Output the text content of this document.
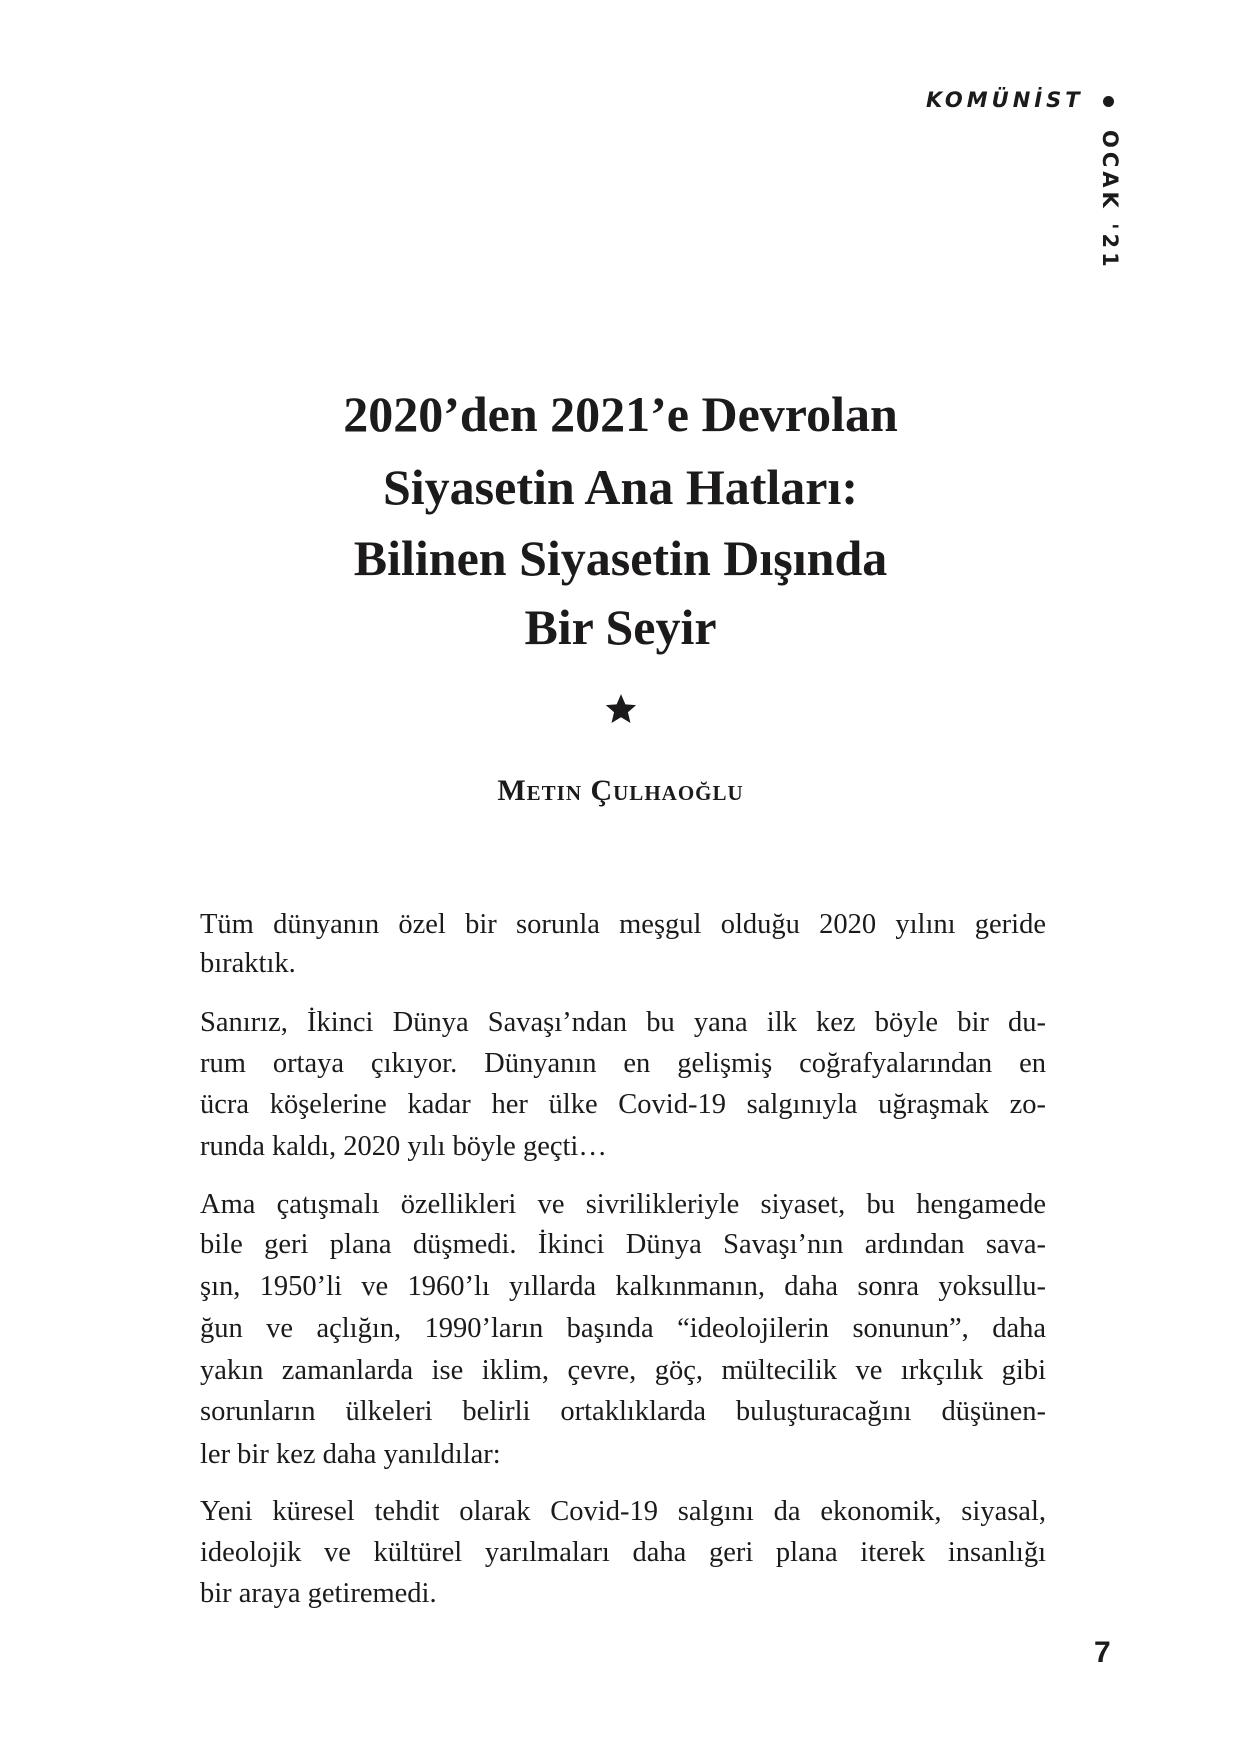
KOMÜNİST
OCAK '21
2020’den 2021’e Devrolan
Siyasetin Ana Hatları:
Bilinen Siyasetin Dışında
Bir Seyir
Metin Çulhaoğlu
Tüm dünyanın özel bir sorunla meşgul olduğu 2020 yılını geride
bıraktık.
Sanırız, İkinci Dünya Savaşı’ndan bu yana ilk kez böyle bir du-
rum ortaya çıkıyor. Dünyanın en gelişmiş coğrafyalarından en
ücra köşelerine kadar her ülke Covid-19 salgınıyla uğraşmak zo-
runda kaldı, 2020 yılı böyle geçti…
Ama çatışmalı özellikleri ve sivrilikleriyle siyaset, bu hengamede
bile geri plana düşmedi. İkinci Dünya Savaşı’nın ardından sava-
şın, 1950’li ve 1960’lı yıllarda kalkınmanın, daha sonra yoksullu-
ğun ve açlığın, 1990’ların başında “ideolojilerin sonunun”, daha
yakın zamanlarda ise iklim, çevre, göç, mültecilik ve ırkçılık gibi
sorunların ülkeleri belirli ortaklıklarda buluşturacağını düşünen-
ler bir kez daha yanıldılar:
Yeni küresel tehdit olarak Covid-19 salgını da ekonomik, siyasal,
ideolojik ve kültürel yarılmaları daha geri plana iterek insanlığı
bir araya getiremedi.
7
